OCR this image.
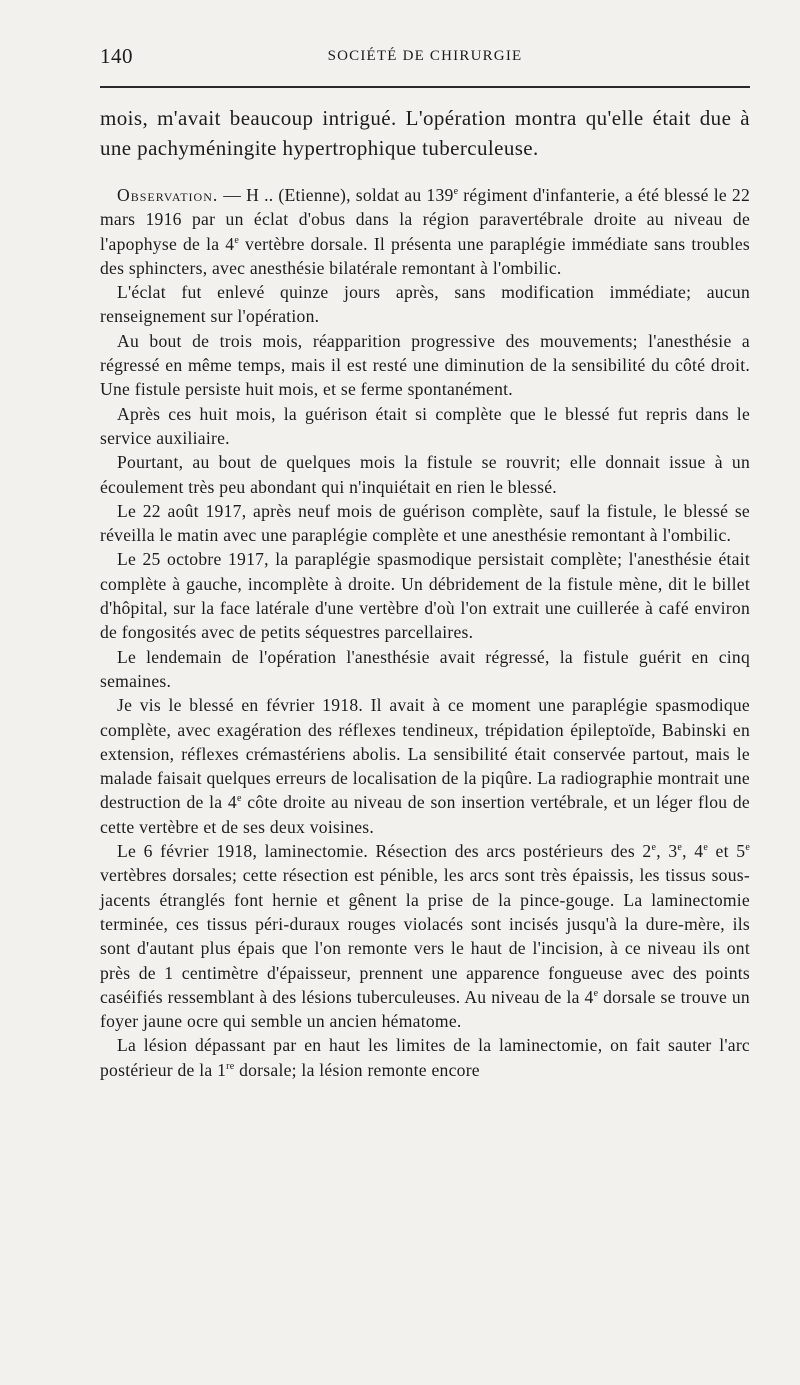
140	SOCIÉTÉ DE CHIRURGIE

mois, m'avait beaucoup intrigué. L'opération montra qu'elle était due à une pachyméningite hypertrophique tuberculeuse.

Observation. — H .. (Etienne), soldat au 139e régiment d'infanterie, a été blessé le 22 mars 1916 par un éclat d'obus dans la région paravertébrale droite au niveau de l'apophyse de la 4e vertèbre dorsale. Il présenta une paraplégie immédiate sans troubles des sphincters, avec anesthésie bilatérale remontant à l'ombilic.

L'éclat fut enlevé quinze jours après, sans modification immédiate; aucun renseignement sur l'opération.

Au bout de trois mois, réapparition progressive des mouvements; l'anesthésie a régressé en même temps, mais il est resté une diminution de la sensibilité du côté droit. Une fistule persiste huit mois, et se ferme spontanément.

Après ces huit mois, la guérison était si complète que le blessé fut repris dans le service auxiliaire.

Pourtant, au bout de quelques mois la fistule se rouvrit; elle donnait issue à un écoulement très peu abondant qui n'inquiétait en rien le blessé.

Le 22 août 1917, après neuf mois de guérison complète, sauf la fistule, le blessé se réveilla le matin avec une paraplégie complète et une anesthésie remontant à l'ombilic.

Le 25 octobre 1917, la paraplégie spasmodique persistait complète; l'anesthésie était complète à gauche, incomplète à droite. Un débridement de la fistule mène, dit le billet d'hôpital, sur la face latérale d'une vertèbre d'où l'on extrait une cuillerée à café environ de fongosités avec de petits séquestres parcellaires.

Le lendemain de l'opération l'anesthésie avait régressé, la fistule guérit en cinq semaines.

Je vis le blessé en février 1918. Il avait à ce moment une paraplégie spasmodique complète, avec exagération des réflexes tendineux, trépidation épileptoïde, Babinski en extension, réflexes crémastériens abolis. La sensibilité était conservée partout, mais le malade faisait quelques erreurs de localisation de la piqûre. La radiographie montrait une destruction de la 4e côte droite au niveau de son insertion vertébrale, et un léger flou de cette vertèbre et de ses deux voisines.

Le 6 février 1918, laminectomie. Résection des arcs postérieurs des 2e, 3e, 4e et 5e vertèbres dorsales; cette résection est pénible, les arcs sont très épaissis, les tissus sous-jacents étranglés font hernie et gênent la prise de la pince-gouge. La laminectomie terminée, ces tissus péri-duraux rouges violacés sont incisés jusqu'à la dure-mère, ils sont d'autant plus épais que l'on remonte vers le haut de l'incision, à ce niveau ils ont près de 1 centimètre d'épaisseur, prennent une apparence fongueuse avec des points caséifiés ressemblant à des lésions tuberculeuses. Au niveau de la 4e dorsale se trouve un foyer jaune ocre qui semble un ancien hématome.

La lésion dépassant par en haut les limites de la laminectomie, on fait sauter l'arc postérieur de la 1re dorsale; la lésion remonte encore
